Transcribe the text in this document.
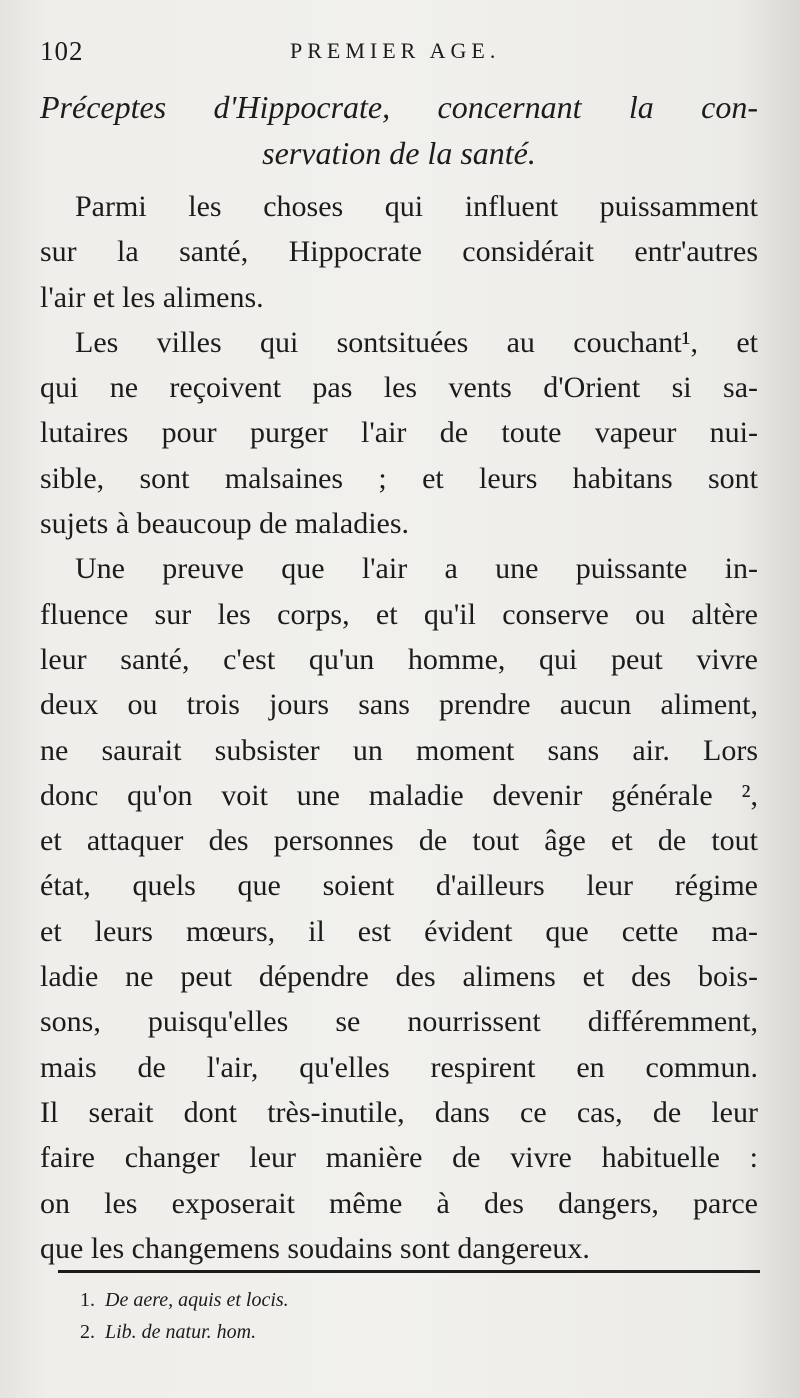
102	PREMIER AGE.
Préceptes d'Hippocrate, concernant la con-
servation de la santé.
Parmi les choses qui influent puissamment
sur la santé, Hippocrate considérait entr'autres
l'air et les alimens.
Les villes qui sontsituées au couchant¹, et
qui ne reçoivent pas les vents d'Orient si sa-
lutaires pour purger l'air de toute vapeur nui-
sible, sont malsaines ; et leurs habitans sont
sujets à beaucoup de maladies.
Une preuve que l'air a une puissante in-
fluence sur les corps, et qu'il conserve ou altère
leur santé, c'est qu'un homme, qui peut vivre
deux ou trois jours sans prendre aucun aliment,
ne saurait subsister un moment sans air. Lors
donc qu'on voit une maladie devenir générale ²,
et attaquer des personnes de tout âge et de tout
état, quels que soient d'ailleurs leur régime
et leurs mœurs, il est évident que cette ma-
ladie ne peut dépendre des alimens et des bois-
sons, puisqu'elles se nourrissent différemment,
mais de l'air, qu'elles respirent en commun.
Il serait dont très-inutile, dans ce cas, de leur
faire changer leur manière de vivre habituelle :
on les exposerait même à des dangers, parce
que les changemens soudains sont dangereux.
1. De aere, aquis et locis.
2. Lib. de natur. hom.
